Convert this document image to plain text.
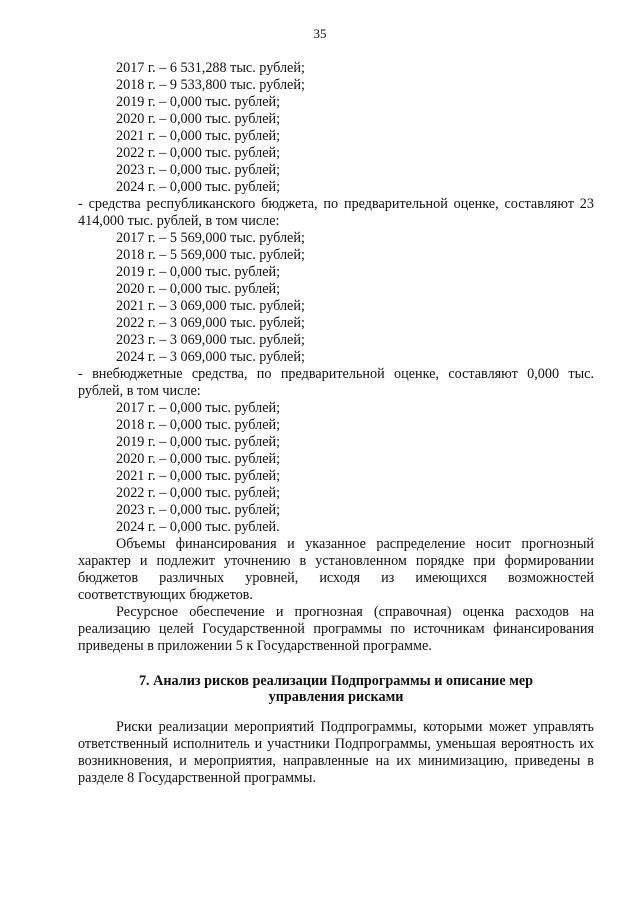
35
2017 г. – 6 531,288 тыс. рублей;
2018 г. – 9 533,800 тыс. рублей;
2019 г. – 0,000 тыс. рублей;
2020 г. – 0,000 тыс. рублей;
2021 г. – 0,000 тыс. рублей;
2022 г. – 0,000 тыс. рублей;
2023 г. – 0,000 тыс. рублей;
2024 г. – 0,000 тыс. рублей;
- средства республиканского бюджета, по предварительной оценке, составляют 23 414,000 тыс. рублей, в том числе:
2017 г. – 5 569,000 тыс. рублей;
2018 г. – 5 569,000 тыс. рублей;
2019 г. – 0,000 тыс. рублей;
2020 г. – 0,000 тыс. рублей;
2021 г. – 3 069,000 тыс. рублей;
2022 г. – 3 069,000 тыс. рублей;
2023 г. – 3 069,000 тыс. рублей;
2024 г. – 3 069,000 тыс. рублей;
- внебюджетные средства, по предварительной оценке, составляют 0,000 тыс. рублей, в том числе:
2017 г. – 0,000 тыс. рублей;
2018 г. – 0,000 тыс. рублей;
2019 г. – 0,000 тыс. рублей;
2020 г. – 0,000 тыс. рублей;
2021 г. – 0,000 тыс. рублей;
2022 г. – 0,000 тыс. рублей;
2023 г. – 0,000 тыс. рублей;
2024 г. – 0,000 тыс. рублей.
Объемы финансирования и указанное распределение носит прогнозный характер и подлежит уточнению в установленном порядке при формировании бюджетов различных уровней, исходя из имеющихся возможностей соответствующих бюджетов.
Ресурсное обеспечение и прогнозная (справочная) оценка расходов на реализацию целей Государственной программы по источникам финансирования приведены в приложении 5 к Государственной программе.
7. Анализ рисков реализации Подпрограммы и описание мер управления рисками
Риски реализации мероприятий Подпрограммы, которыми может управлять ответственный исполнитель и участники Подпрограммы, уменьшая вероятность их возникновения, и мероприятия, направленные на их минимизацию, приведены в разделе 8 Государственной программы.
